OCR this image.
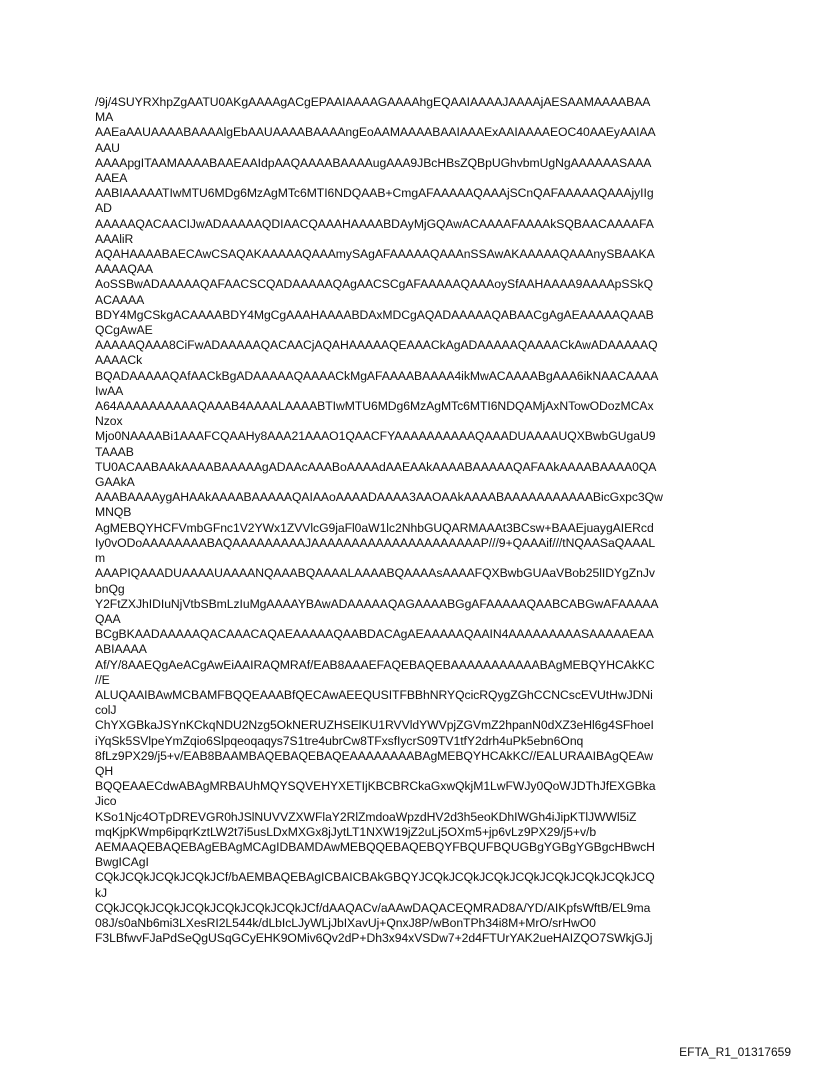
/9j/4SUYRXhpZgAATU0AKgAAAAgACgEPAAIAAAAGAAAAhgEQAAIAAAAJAAAAjAESAAMAAAABAA
MA
AAEaAAUAAAABAAAAlgEbAAUAAAABAAAAngEoAAMAAAABAAIAAAExAAIAAAAEOC40AAEyAAIAA
AAU
AAAApgITAAMAAAABAAEAAIdpAAQAAAABAAAAugAAA9JBcHBsZQBpUGhvbmUgNgAAAAAASAAA
AAEA
AABIAAAAATIwMTU6MDg6MzAgMTc6MTI6NDQAAB+CmgAFAAAAAQAAAjSCnQAFAAAAAQAAAjyIIg
AD
AAAAAQACAACIJwADAAAAAQDIAACQAAAHAAAABDAyMjGQAwACAAAAFAAAAkSQBAACAAAAFA
AAAliR
AQAHAAAABAECAwCSAQAKAAAAAQAAAmySAgAFAAAAAQAAAnSSAwAKAAAAAQAAAnySBAAKA
AAAAQAA
AoSSBwADAAAAAQAFAACSCQADAAAAAQAgAACSCgAFAAAAAQAAAoySfAAHAAAA9AAAApSSkQ
ACAAAA
BDY4MgCSkgACAAAABDY4MgCgAAAHAAAABDAxMDCgAQADAAAAAQABAACgAgAEAAAAAQAAB
QCgAwAE
AAAAAQAAA8CiFwADAAAAAQACAACjAQAHAAAAAQEAAACkAgADAAAAAQAAAACkAwADAAAAAQ
AAAACk
BQADAAAAAQAfAACkBgADAAAAAQAAAACkMgAFAAAABAAAA4ikMwACAAAABgAAA6ikNAACAAAA
IwAA
A64AAAAAAAAAAQAAAB4AAAALAAAABTIwMTU6MDg6MzAgMTc6MTI6NDQAMjAxNTowODozMCAx
Nzox
Mjo0NAAAABi1AAAFCQAAHy8AAA21AAAO1QAACFYAAAAAAAAAAQAAADUAAAAUQXBwbGUgaU9
TAAAB
TU0ACAABAAkAAAABAAAAAgADAAcAAABoAAAAdAAEAAkAAAABAAAAAQAFAAkAAAABAAAA0QA
GAAkA
AAABAAAAygAHAAkAAAABAAAAAQAIAAoAAAADAAAA3AAOAAkAAAABAAAAAAAAAAABicGxpc3Qw
MNQB
AgMEBQYHCFVmbGFnc1V2YWx1ZVVlcG9jaFl0aW1lc2NhbGUQARMAAAt3BCsw+BAAEjuaygAIERcd
Iy0vODoAAAAAAAABAQAAAAAAAAAJAAAAAAAAAAAAAAAAAAAAAP///9+QAAAif///tNQAASaQAAAL
m
AAAPIQAAADUAAAAUAAAANQAAABQAAAALAAAABQAAAAsAAAAFQXBwbGUAaVBob25lIDYgZnJv
bnQg
Y2FtZXJhIDIuNjVtbSBmLzIuMgAAAAYBAwADAAAAAQAGAAAABGgAFAAAAAQAABCABGwAFAAAAA
QAA
BCgBKAADAAAAAQACAAACAQAEAAAAAQAABDACAgAEAAAAAQAAIN4AAAAAAAAASAAAAAEAA
ABIAAAA
Af/Y/8AAEQgAeACgAwEiAAIRAQMRAf/EAB8AAAEFAQEBAQEBAAAAAAAAAAABAgMEBQYHCAkKC
//E
ALUQAAIBAwMCBAMFBQQEAAABfQECAwAEEQUSITFBBhNRYQcicRQygZGhCCNCscEVUtHwJDNi
colJ
ChYXGBkaJSYnKCkqNDU2Nzg5OkNERUZHSElKU1RVVldYWVpjZGVmZ2hpanN0dXZ3eHl6g4SFhoeI
iYqSk5SVlpeYmZqio6Slpqeoqaqys7S1tre4ubrCw8TFxsfIycrS09TV1tfY2drh4uPk5ebn6Onq
8fLz9PX29/j5+v/EAB8BAAMBAQEBAQEBAQEAAAAAAAABAgMEBQYHCAkKC//EALURAAIBAgQEAw
QH
BQQEAAECdwABAgMRBAUhMQYSQVEHYXETIjKBCBRCkaGxwQkjM1LwFWJy0QoWJDThJfEXGBka
Jico
KSo1Njc4OTpDREVGR0hJSlNUVVZXWFlaY2RlZmdoaWpzdHV2d3h5eoKDhIWGh4iJipKTlJWWl5iZ
mqKjpKWmp6ipqrKztLW2t7i5usLDxMXGx8jJytLT1NXW19jZ2uLj5OXm5+jp6vLz9PX29/j5+v/b
AEMAAQEBAQEBAgEBAgMCAgIDBAMDAwMEBQQEBAQEBQYFBQUFBQUGBgYGBgYGBgcHBwcH
BwgICAgI
CQkJCQkJCQkJCQkJCf/bAEMBAQEBAgICBAICBAkGBQYJCQkJCQkJCQkJCQkJCQkJCQkJCQkJCQ
kJ
CQkJCQkJCQkJCQkJCQkJCQkJCQkJCf/dAAQACv/aAAwDAQACEQMRAD8A/YD/AIKpfsWftB/EL9ma
08J/s0aNb6mi3LXesRI2L544k/dLbIcLJyWLjJbIXavUj+QnxJ8P/wBonTPh34i8M+MrO/srHwO0
F3LBfwvFJaPdSeQgUSqGCyEHK9OMiv6Qv2dP+Dh3x94xVSDw7+2d4FTUrYAK2ueHAIZQO7SWkjGJj
EFTA_R1_01317659
